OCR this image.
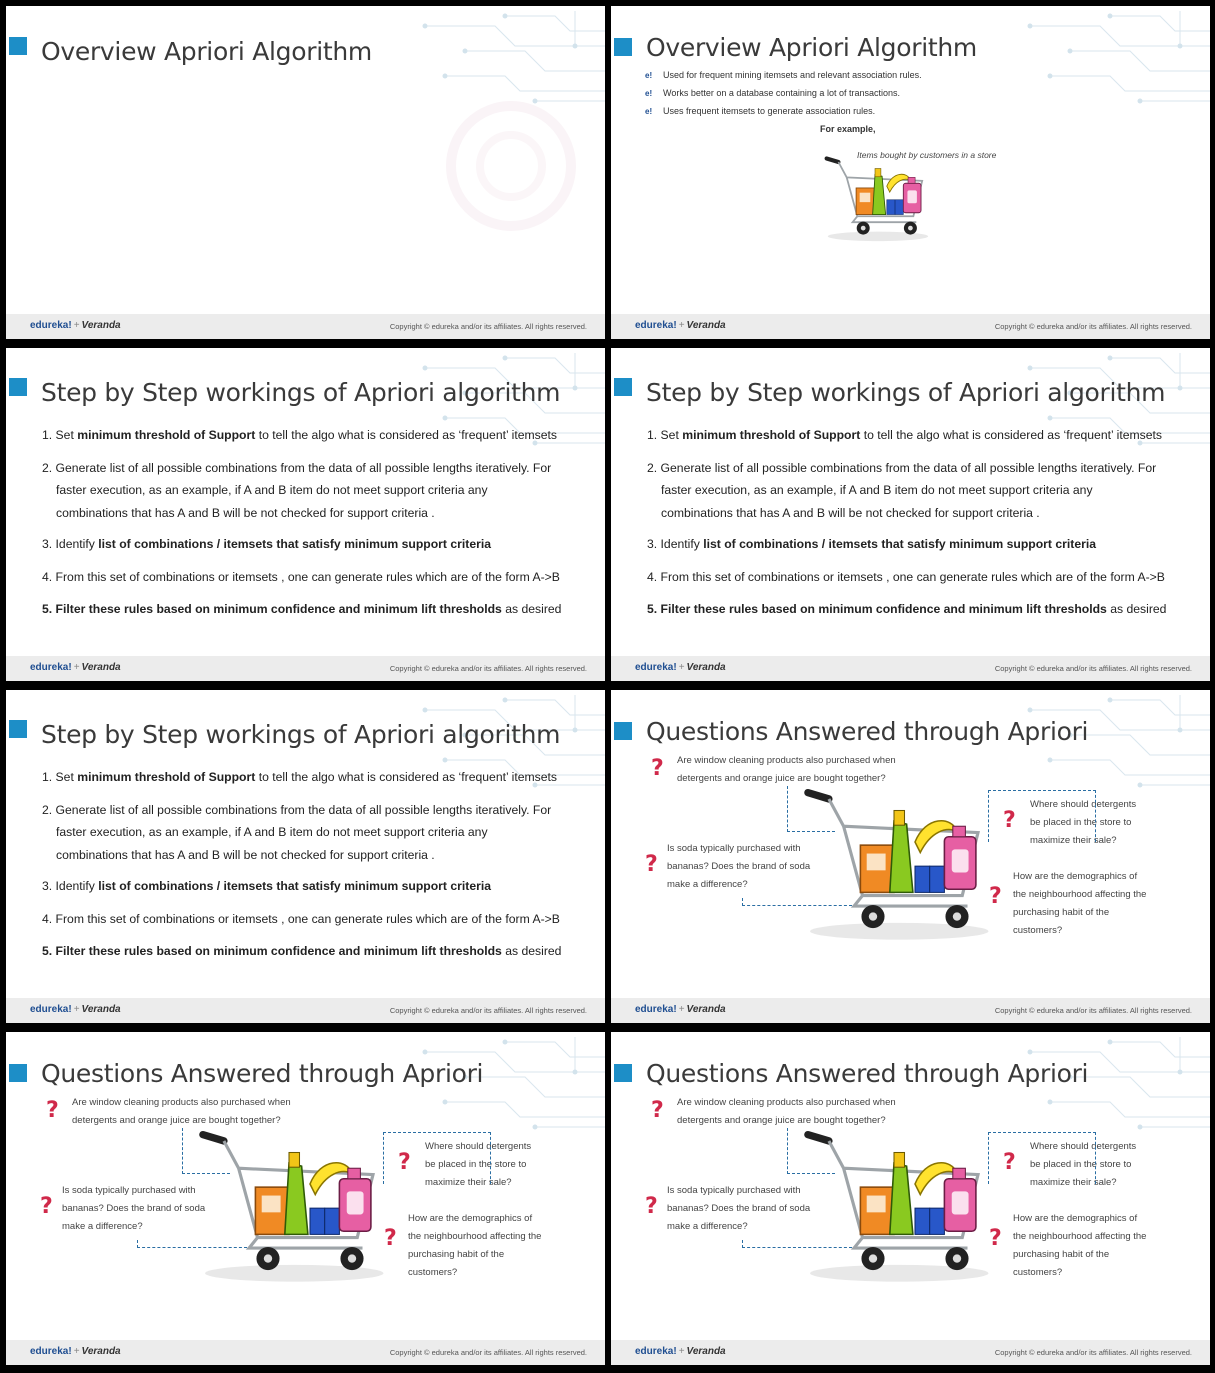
Overview Apriori Algorithm
edureka! + Veranda	Copyright © edureka and/or its affiliates. All rights reserved.
Overview Apriori Algorithm
e! Used for frequent mining itemsets and relevant association rules.
e! Works better on a database containing a lot of transactions.
e! Uses frequent itemsets to generate association rules.
For example,
Items bought by customers in a store
edureka! + Veranda	Copyright © edureka and/or its affiliates. All rights reserved.
Step by Step workings of Apriori algorithm
1. Set minimum threshold of Support to tell the algo what is considered as ‘frequent’ itemsets
2. Generate list of all possible combinations from the data of all possible lengths iteratively. For
faster execution, as an example, if A and B item do not meet support criteria any
combinations that has A and B will be not checked for support criteria .
3. Identify list of combinations / itemsets that satisfy minimum support criteria
4. From this set of combinations or itemsets , one can generate rules which are of the form A->B
5. Filter these rules based on minimum confidence and minimum lift thresholds as desired
edureka! + Veranda	Copyright © edureka and/or its affiliates. All rights reserved.
Step by Step workings of Apriori algorithm
1. Set minimum threshold of Support to tell the algo what is considered as ‘frequent’ itemsets
2. Generate list of all possible combinations from the data of all possible lengths iteratively. For
faster execution, as an example, if A and B item do not meet support criteria any
combinations that has A and B will be not checked for support criteria .
3. Identify list of combinations / itemsets that satisfy minimum support criteria
4. From this set of combinations or itemsets , one can generate rules which are of the form A->B
5. Filter these rules based on minimum confidence and minimum lift thresholds as desired
edureka! + Veranda	Copyright © edureka and/or its affiliates. All rights reserved.
Step by Step workings of Apriori algorithm
1. Set minimum threshold of Support to tell the algo what is considered as ‘frequent’ itemsets
2. Generate list of all possible combinations from the data of all possible lengths iteratively. For
faster execution, as an example, if A and B item do not meet support criteria any
combinations that has A and B will be not checked for support criteria .
3. Identify list of combinations / itemsets that satisfy minimum support criteria
4. From this set of combinations or itemsets , one can generate rules which are of the form A->B
5. Filter these rules based on minimum confidence and minimum lift thresholds as desired
edureka! + Veranda	Copyright © edureka and/or its affiliates. All rights reserved.
Questions Answered through Apriori
? Are window cleaning products also purchased when
detergents and orange juice are bought together?
?
Where should detergents
be placed in the store to
maximize their sale?
?
Is soda typically purchased with
bananas? Does the brand of soda
make a difference?	?
How are the demographics of
the neighbourhood affecting the
purchasing habit of the
customers?
edureka! + Veranda	Copyright © edureka and/or its affiliates. All rights reserved.
Questions Answered through Apriori
? Are window cleaning products also purchased when
detergents and orange juice are bought together?
?
Where should detergents
be placed in the store to
maximize their sale?
?
Is soda typically purchased with
bananas? Does the brand of soda
make a difference?	?
How are the demographics of
the neighbourhood affecting the
purchasing habit of the
customers?
edureka! + Veranda	Copyright © edureka and/or its affiliates. All rights reserved.
Questions Answered through Apriori
? Are window cleaning products also purchased when
detergents and orange juice are bought together?
?
Where should detergents
be placed in the store to
maximize their sale?
?
Is soda typically purchased with
bananas? Does the brand of soda
make a difference?	?
How are the demographics of
the neighbourhood affecting the
purchasing habit of the
customers?
edureka! + Veranda	Copyright © edureka and/or its affiliates. All rights reserved.
